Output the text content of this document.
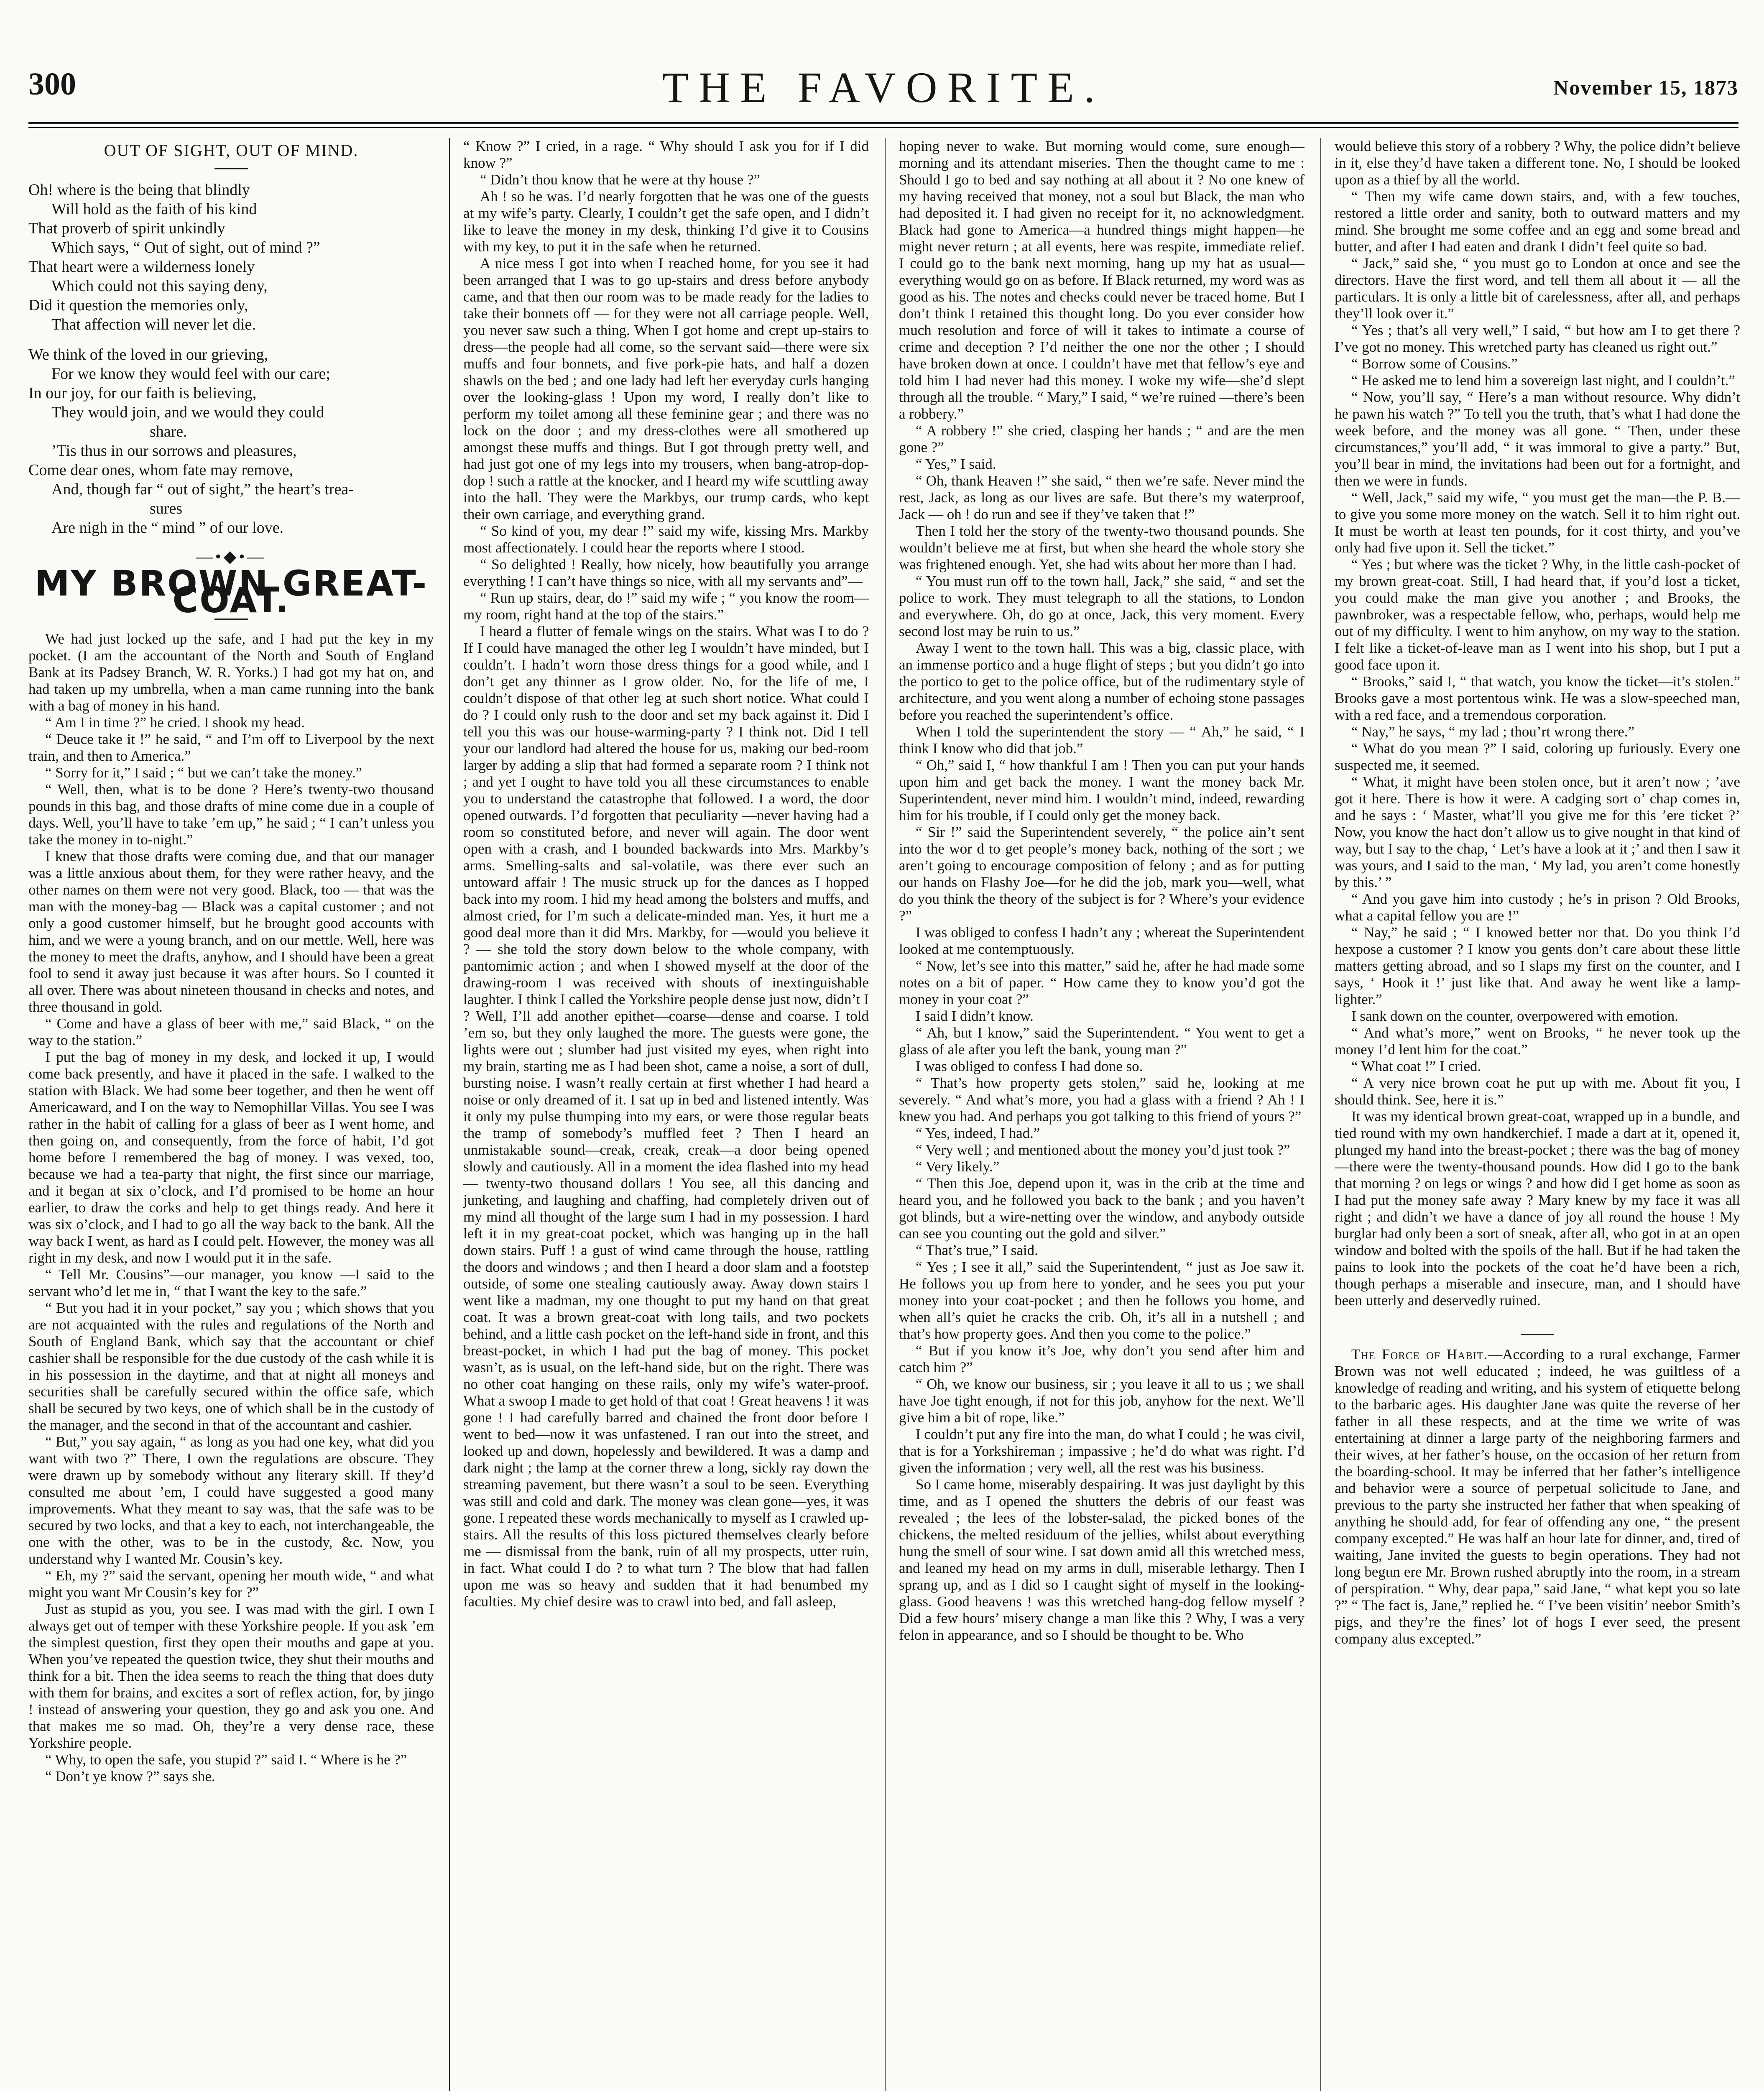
300	THE FAVORITE.	November 15, 1873
OUT OF SIGHT, OUT OF MIND.
Oh! where is the being that blindly
Will hold as the faith of his kind
That proverb of spirit unkindly
Which says, “ Out of sight, out of mind ?”
That heart were a wilderness lonely
Which could not this saying deny,
Did it question the memories only,
That affection will never let die.
We think of the loved in our grieving,
For we know they would feel with our care;
In our joy, for our faith is believing,
They would join, and we would they could
share.
’Tis thus in our sorrows and pleasures,
Come dear ones, whom fate may remove,
And, though far “ out of sight,” the heart’s trea-
sures
Are nigh in the “ mind ” of our love.
—•◆•—
MY BROWN GREAT-COAT.

We had just locked up the safe, and I had put the key in my pocket. (I am the accountant of the North and South of England Bank at its Padsey Branch, W. R. Yorks.) I had got my hat on, and had taken up my umbrella, when a man came running into the bank with a bag of money in his hand.

“ Am I in time ?” he cried. I shook my head.

“ Deuce take it !” he said, “ and I’m off to Liverpool by the next train, and then to America.”

“ Sorry for it,” I said ; “ but we can’t take the money.”

“ Well, then, what is to be done ? Here’s twenty-two thousand pounds in this bag, and those drafts of mine come due in a couple of days. Well, you’ll have to take ’em up,” he said ; “ I can’t unless you take the money in to-night.”

I knew that those drafts were coming due, and that our manager was a little anxious about them, for they were rather heavy, and the other names on them were not very good. Black, too — that was the man with the money-bag — Black was a capital customer ; and not only a good customer himself, but he brought good accounts with him, and we were a young branch, and on our mettle. Well, here was the money to meet the drafts, anyhow, and I should have been a great fool to send it away just because it was after hours. So I counted it all over. There was about nineteen thousand in checks and notes, and three thousand in gold.

“ Come and have a glass of beer with me,” said Black, “ on the way to the station.”

I put the bag of money in my desk, and locked it up, I would come back presently, and have it placed in the safe. I walked to the station with Black. We had some beer together, and then he went off Americaward, and I on the way to Nemophillar Villas. You see I was rather in the habit of calling for a glass of beer as I went home, and then going on, and consequently, from the force of habit, I’d got home before I remembered the bag of money. I was vexed, too, because we had a tea-party that night, the first since our marriage, and it began at six o’clock, and I’d promised to be home an hour earlier, to draw the corks and help to get things ready. And here it was six o’clock, and I had to go all the way back to the bank. All the way back I went, as hard as I could pelt. However, the money was all right in my desk, and now I would put it in the safe.

“ Tell Mr. Cousins”—our manager, you know —I said to the servant who’d let me in, “ that I want the key to the safe.”

“ But you had it in your pocket,” say you ; which shows that you are not acquainted with the rules and regulations of the North and South of England Bank, which say that the accountant or chief cashier shall be responsible for the due custody of the cash while it is in his possession in the daytime, and that at night all moneys and securities shall be carefully secured within the office safe, which shall be secured by two keys, one of which shall be in the custody of the manager, and the second in that of the accountant and cashier.

“ But,” you say again, “ as long as you had one key, what did you want with two ?” There, I own the regulations are obscure. They were drawn up by somebody without any literary skill. If they’d consulted me about ’em, I could have suggested a good many improvements. What they meant to say was, that the safe was to be secured by two locks, and that a key to each, not interchangeable, the one with the other, was to be in the custody, &c. Now, you understand why I wanted Mr. Cousin’s key.

“ Eh, my ?” said the servant, opening her mouth wide, “ and what might you want Mr Cousin’s key for ?”

Just as stupid as you, you see. I was mad with the girl. I own I always get out of temper with these Yorkshire people. If you ask ’em the simplest question, first they open their mouths and gape at you. When you’ve repeated the question twice, they shut their mouths and think for a bit. Then the idea seems to reach the thing that does duty with them for brains, and excites a sort of reflex action, for, by jingo ! instead of answering your question, they go and ask you one. And that makes me so mad. Oh, they’re a very dense race, these Yorkshire people.

“ Why, to open the safe, you stupid ?” said I. “ Where is he ?”

“ Don’t ye know ?” says she.

“ Know ?” I cried, in a rage. “ Why should I ask you for if I did know ?”

“ Didn’t thou know that he were at thy house ?”

Ah ! so he was. I’d nearly forgotten that he was one of the guests at my wife’s party. Clearly, I couldn’t get the safe open, and I didn’t like to leave the money in my desk, thinking I’d give it to Cousins with my key, to put it in the safe when he returned.

A nice mess I got into when I reached home, for you see it had been arranged that I was to go up-stairs and dress before anybody came, and that then our room was to be made ready for the ladies to take their bonnets off — for they were not all carriage people. Well, you never saw such a thing. When I got home and crept up-stairs to dress—the people had all come, so the servant said—there were six muffs and four bonnets, and five pork-pie hats, and half a dozen shawls on the bed ; and one lady had left her everyday curls hanging over the looking-glass ! Upon my word, I really don’t like to perform my toilet among all these feminine gear ; and there was no lock on the door ; and my dress-clothes were all smothered up amongst these muffs and things. But I got through pretty well, and had just got one of my legs into my trousers, when bang-atrop-dop-dop ! such a rattle at the knocker, and I heard my wife scuttling away into the hall. They were the Markbys, our trump cards, who kept their own carriage, and everything grand.

“ So kind of you, my dear !” said my wife, kissing Mrs. Markby most affectionately. I could hear the reports where I stood.

“ So delighted ! Really, how nicely, how beautifully you arrange everything ! I can’t have things so nice, with all my servants and”—

“ Run up stairs, dear, do !” said my wife ; “ you know the room—my room, right hand at the top of the stairs.”

I heard a flutter of female wings on the stairs. What was I to do ? If I could have managed the other leg I wouldn’t have minded, but I couldn’t. I hadn’t worn those dress things for a good while, and I don’t get any thinner as I grow older. No, for the life of me, I couldn’t dispose of that other leg at such short notice. What could I do ? I could only rush to the door and set my back against it. Did I tell you this was our house-warming-party ? I think not. Did I tell your our landlord had altered the house for us, making our bed-room larger by adding a slip that had formed a separate room ? I think not ; and yet I ought to have told you all these circumstances to enable you to understand the catastrophe that followed. I a word, the door opened outwards. I’d forgotten that peculiarity —never having had a room so constituted before, and never will again. The door went open with a crash, and I bounded backwards into Mrs. Markby’s arms. Smelling-salts and sal-volatile, was there ever such an untoward affair ! The music struck up for the dances as I hopped back into my room. I hid my head among the bolsters and muffs, and almost cried, for I’m such a delicate-minded man. Yes, it hurt me a good deal more than it did Mrs. Markby, for —would you believe it ? — she told the story down below to the whole company, with pantomimic action ; and when I showed myself at the door of the drawing-room I was received with shouts of inextinguishable laughter. I think I called the Yorkshire people dense just now, didn’t I ? Well, I’ll add another epithet—coarse—dense and coarse. I told ’em so, but they only laughed the more. The guests were gone, the lights were out ; slumber had just visited my eyes, when right into my brain, starting me as I had been shot, came a noise, a sort of dull, bursting noise. I wasn’t really certain at first whether I had heard a noise or only dreamed of it. I sat up in bed and listened intently. Was it only my pulse thumping into my ears, or were those regular beats the tramp of somebody’s muffled feet ? Then I heard an unmistakable sound—creak, creak, creak—a door being opened slowly and cautiously. All in a moment the idea flashed into my head — twenty-two thousand dollars ! You see, all this dancing and junketing, and laughing and chaffing, had completely driven out of my mind all thought of the large sum I had in my possession. I hard left it in my great-coat pocket, which was hanging up in the hall down stairs. Puff ! a gust of wind came through the house, rattling the doors and windows ; and then I heard a door slam and a footstep outside, of some one stealing cautiously away. Away down stairs I went like a madman, my one thought to put my hand on that great coat. It was a brown great-coat with long tails, and two pockets behind, and a little cash pocket on the left-hand side in front, and this breast-pocket, in which I had put the bag of money. This pocket wasn’t, as is usual, on the left-hand side, but on the right. There was no other coat hanging on these rails, only my wife’s water-proof. What a swoop I made to get hold of that coat ! Great heavens ! it was gone ! I had carefully barred and chained the front door before I went to bed—now it was unfastened. I ran out into the street, and looked up and down, hopelessly and bewildered. It was a damp and dark night ; the lamp at the corner threw a long, sickly ray down the streaming pavement, but there wasn’t a soul to be seen. Everything was still and cold and dark. The money was clean gone—yes, it was gone. I repeated these words mechanically to myself as I crawled up-stairs. All the results of this loss pictured themselves clearly before me — dismissal from the bank, ruin of all my prospects, utter ruin, in fact. What could I do ? to what turn ? The blow that had fallen upon me was so heavy and sudden that it had benumbed my faculties. My chief desire was to crawl into bed, and fall asleep,

hoping never to wake. But morning would come, sure enough—morning and its attendant miseries. Then the thought came to me : Should I go to bed and say nothing at all about it ? No one knew of my having received that money, not a soul but Black, the man who had deposited it. I had given no receipt for it, no acknowledgment. Black had gone to America—a hundred things might happen—he might never return ; at all events, here was respite, immediate relief. I could go to the bank next morning, hang up my hat as usual—everything would go on as before. If Black returned, my word was as good as his. The notes and checks could never be traced home. But I don’t think I retained this thought long. Do you ever consider how much resolution and force of will it takes to intimate a course of crime and deception ? I’d neither the one nor the other ; I should have broken down at once. I couldn’t have met that fellow’s eye and told him I had never had this money. I woke my wife—she’d slept through all the trouble. “ Mary,” I said, “ we’re ruined —there’s been a robbery.”

“ A robbery !” she cried, clasping her hands ; “ and are the men gone ?”

“ Yes,” I said.

“ Oh, thank Heaven !” she said, “ then we’re safe. Never mind the rest, Jack, as long as our lives are safe. But there’s my waterproof, Jack — oh ! do run and see if they’ve taken that !”

Then I told her the story of the twenty-two thousand pounds. She wouldn’t believe me at first, but when she heard the whole story she was frightened enough. Yet, she had wits about her more than I had.

“ You must run off to the town hall, Jack,” she said, “ and set the police to work. They must telegraph to all the stations, to London and everywhere. Oh, do go at once, Jack, this very moment. Every second lost may be ruin to us.”

Away I went to the town hall. This was a big, classic place, with an immense portico and a huge flight of steps ; but you didn’t go into the portico to get to the police office, but of the rudimentary style of architecture, and you went along a number of echoing stone passages before you reached the superintendent’s office.

When I told the superintendent the story — “ Ah,” he said, “ I think I know who did that job.”

“ Oh,” said I, “ how thankful I am ! Then you can put your hands upon him and get back the money. I want the money back Mr. Superintendent, never mind him. I wouldn’t mind, indeed, rewarding him for his trouble, if I could only get the money back.

“ Sir !” said the Superintendent severely, “ the police ain’t sent into the wor d to get people’s money back, nothing of the sort ; we aren’t going to encourage composition of felony ; and as for putting our hands on Flashy Joe—for he did the job, mark you—well, what do you think the theory of the subject is for ? Where’s your evidence ?”

I was obliged to confess I hadn’t any ; whereat the Superintendent looked at me contemptuously.

“ Now, let’s see into this matter,” said he, after he had made some notes on a bit of paper. “ How came they to know you’d got the money in your coat ?”

I said I didn’t know.

“ Ah, but I know,” said the Superintendent. “ You went to get a glass of ale after you left the bank, young man ?”

I was obliged to confess I had done so.

“ That’s how property gets stolen,” said he, looking at me severely. “ And what’s more, you had a glass with a friend ? Ah ! I knew you had. And perhaps you got talking to this friend of yours ?”

“ Yes, indeed, I had.”

“ Very well ; and mentioned about the money you’d just took ?”

“ Very likely.”

“ Then this Joe, depend upon it, was in the crib at the time and heard you, and he followed you back to the bank ; and you haven’t got blinds, but a wire-netting over the window, and anybody outside can see you counting out the gold and silver.”

“ That’s true,” I said.

“ Yes ; I see it all,” said the Superintendent, “ just as Joe saw it. He follows you up from here to yonder, and he sees you put your money into your coat-pocket ; and then he follows you home, and when all’s quiet he cracks the crib. Oh, it’s all in a nutshell ; and that’s how property goes. And then you come to the police.”

“ But if you know it’s Joe, why don’t you send after him and catch him ?”

“ Oh, we know our business, sir ; you leave it all to us ; we shall have Joe tight enough, if not for this job, anyhow for the next. We’ll give him a bit of rope, like.”

I couldn’t put any fire into the man, do what I could ; he was civil, that is for a Yorkshireman ; impassive ; he’d do what was right. I’d given the information ; very well, all the rest was his business.

So I came home, miserably despairing. It was just daylight by this time, and as I opened the shutters the debris of our feast was revealed ; the lees of the lobster-salad, the picked bones of the chickens, the melted residuum of the jellies, whilst about everything hung the smell of sour wine. I sat down amid all this wretched mess, and leaned my head on my arms in dull, miserable lethargy. Then I sprang up, and as I did so I caught sight of myself in the looking-glass. Good heavens ! was this wretched hang-dog fellow myself ? Did a few hours’ misery change a man like this ? Why, I was a very felon in appearance, and so I should be thought to be. Who

would believe this story of a robbery ? Why, the police didn’t believe in it, else they’d have taken a different tone. No, I should be looked upon as a thief by all the world.

“ Then my wife came down stairs, and, with a few touches, restored a little order and sanity, both to outward matters and my mind. She brought me some coffee and an egg and some bread and butter, and after I had eaten and drank I didn’t feel quite so bad.

“ Jack,” said she, “ you must go to London at once and see the directors. Have the first word, and tell them all about it — all the particulars. It is only a little bit of carelessness, after all, and perhaps they’ll look over it.”

“ Yes ; that’s all very well,” I said, “ but how am I to get there ? I’ve got no money. This wretched party has cleaned us right out.”

“ Borrow some of Cousins.”

“ He asked me to lend him a sovereign last night, and I couldn’t.”

“ Now, you’ll say, “ Here’s a man without resource. Why didn’t he pawn his watch ?” To tell you the truth, that’s what I had done the week before, and the money was all gone. “ Then, under these circumstances,” you’ll add, “ it was immoral to give a party.” But, you’ll bear in mind, the invitations had been out for a fortnight, and then we were in funds.

“ Well, Jack,” said my wife, “ you must get the man—the P. B.—to give you some more money on the watch. Sell it to him right out. It must be worth at least ten pounds, for it cost thirty, and you’ve only had five upon it. Sell the ticket.”

“ Yes ; but where was the ticket ? Why, in the little cash-pocket of my brown great-coat. Still, I had heard that, if you’d lost a ticket, you could make the man give you another ; and Brooks, the pawnbroker, was a respectable fellow, who, perhaps, would help me out of my difficulty. I went to him anyhow, on my way to the station. I felt like a ticket-of-leave man as I went into his shop, but I put a good face upon it.

“ Brooks,” said I, “ that watch, you know the ticket—it’s stolen.” Brooks gave a most portentous wink. He was a slow-speeched man, with a red face, and a tremendous corporation.

“ Nay,” he says, “ my lad ; thou’rt wrong there.”

“ What do you mean ?” I said, coloring up furiously. Every one suspected me, it seemed.

“ What, it might have been stolen once, but it aren’t now ; ’ave got it here. There is how it were. A cadging sort o’ chap comes in, and he says : ‘ Master, what’ll you give me for this ’ere ticket ?’ Now, you know the hact don’t allow us to give nought in that kind of way, but I say to the chap, ‘ Let’s have a look at it ;’ and then I saw it was yours, and I said to the man, ‘ My lad, you aren’t come honestly by this.’ ”

“ And you gave him into custody ; he’s in prison ? Old Brooks, what a capital fellow you are !”

“ Nay,” he said ; “ I knowed better nor that. Do you think I’d hexpose a customer ? I know you gents don’t care about these little matters getting abroad, and so I slaps my first on the counter, and I says, ‘ Hook it !’ just like that. And away he went like a lamp-lighter.”

I sank down on the counter, overpowered with emotion.

“ And what’s more,” went on Brooks, “ he never took up the money I’d lent him for the coat.”

“ What coat !” I cried.

“ A very nice brown coat he put up with me. About fit you, I should think. See, here it is.”

It was my identical brown great-coat, wrapped up in a bundle, and tied round with my own handkerchief. I made a dart at it, opened it, plunged my hand into the breast-pocket ; there was the bag of money—there were the twenty-thousand pounds. How did I go to the bank that morning ? on legs or wings ? and how did I get home as soon as I had put the money safe away ? Mary knew by my face it was all right ; and didn’t we have a dance of joy all round the house ! My burglar had only been a sort of sneak, after all, who got in at an open window and bolted with the spoils of the hall. But if he had taken the pains to look into the pockets of the coat he’d have been a rich, though perhaps a miserable and insecure, man, and I should have been utterly and deservedly ruined.

The Force of Habit.—According to a rural exchange, Farmer Brown was not well educated ; indeed, he was guiltless of a knowledge of reading and writing, and his system of etiquette belong to the barbaric ages. His daughter Jane was quite the reverse of her father in all these respects, and at the time we write of was entertaining at dinner a large party of the neighboring farmers and their wives, at her father’s house, on the occasion of her return from the boarding-school. It may be inferred that her father’s intelligence and behavior were a source of perpetual solicitude to Jane, and previous to the party she instructed her father that when speaking of anything he should add, for fear of offending any one, “ the present company excepted.” He was half an hour late for dinner, and, tired of waiting, Jane invited the guests to begin operations. They had not long begun ere Mr. Brown rushed abruptly into the room, in a stream of perspiration. “ Why, dear papa,” said Jane, “ what kept you so late ?” “ The fact is, Jane,” replied he. “ I’ve been visitin’ neebor Smith’s pigs, and they’re the fines’ lot of hogs I ever seed, the present company alus excepted.”
